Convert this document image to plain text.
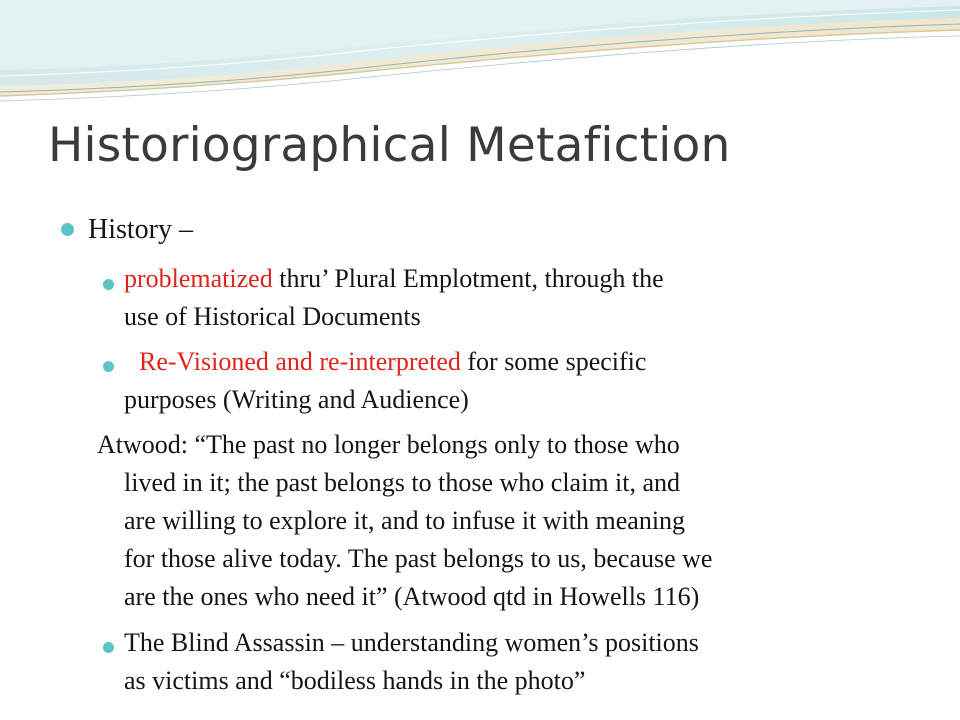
Historiographical Metafiction

History –

problematized thru’ Plural Emplotment, through the

use of Historical Documents

Re-Visioned and re-interpreted for some specific

purposes (Writing and Audience)

Atwood: “The past no longer belongs only to those who

lived in it; the past belongs to those who claim it, and

are willing to explore it, and to infuse it with meaning

for those alive today. The past belongs to us, because we

are the ones who need it” (Atwood qtd in Howells 116)

The Blind Assassin – understanding women’s positions

as victims and “bodiless hands in the photo”
